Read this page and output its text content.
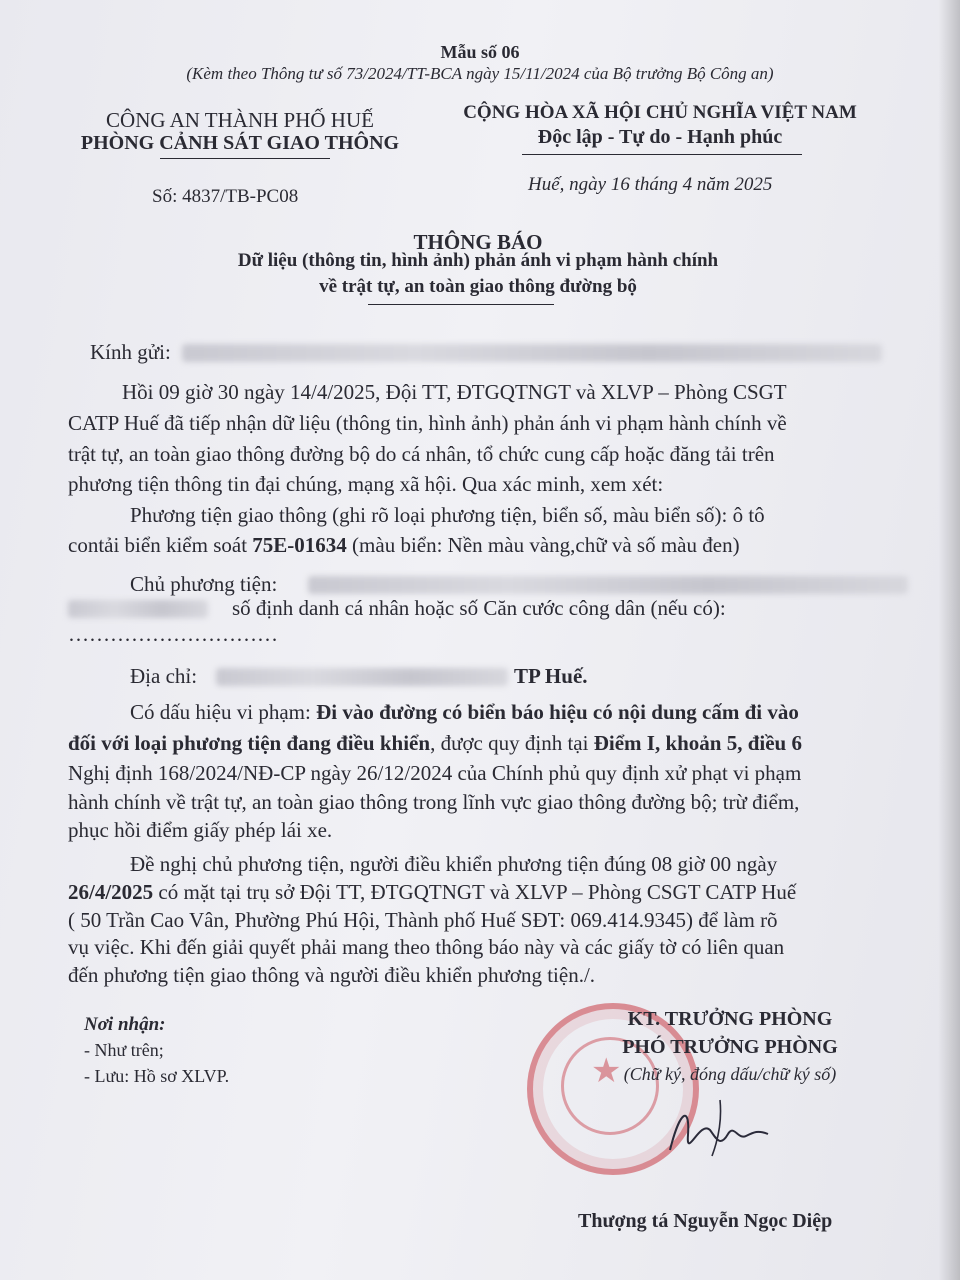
Mẫu số 06
(Kèm theo Thông tư số 73/2024/TT-BCA ngày 15/11/2024 của Bộ trưởng Bộ Công an)
CÔNG AN THÀNH PHỐ HUẾ
PHÒNG CẢNH SÁT GIAO THÔNG
CỘNG HÒA XÃ HỘI CHỦ NGHĨA VIỆT NAM
Độc lập - Tự do - Hạnh phúc
Số: 4837/TB-PC08
Huế, ngày 16 tháng 4 năm 2025
THÔNG BÁO
Dữ liệu (thông tin, hình ảnh) phản ánh vi phạm hành chính
về trật tự, an toàn giao thông đường bộ
Kính gửi:
Hồi 09 giờ 30 ngày 14/4/2025, Đội TT, ĐTGQTNGT và XLVP – Phòng CSGT
CATP Huế đã tiếp nhận dữ liệu (thông tin, hình ảnh) phản ánh vi phạm hành chính về
trật tự, an toàn giao thông đường bộ do cá nhân, tổ chức cung cấp hoặc đăng tải trên
phương tiện thông tin đại chúng, mạng xã hội. Qua xác minh, xem xét:
Phương tiện giao thông (ghi rõ loại phương tiện, biển số, màu biển số): ô tô
contải biển kiểm soát 75E-01634 (màu biển: Nền màu vàng,chữ và số màu đen)
Chủ phương tiện:
số định danh cá nhân hoặc số Căn cước công dân (nếu có):
…………………………
Địa chỉ:	TP Huế.
Có dấu hiệu vi phạm: Đi vào đường có biển báo hiệu có nội dung cấm đi vào
đối với loại phương tiện đang điều khiển, được quy định tại Điểm I, khoản 5, điều 6
Nghị định 168/2024/NĐ-CP ngày 26/12/2024 của Chính phủ quy định xử phạt vi phạm
hành chính về trật tự, an toàn giao thông trong lĩnh vực giao thông đường bộ; trừ điểm,
phục hồi điểm giấy phép lái xe.
Đề nghị chủ phương tiện, người điều khiển phương tiện đúng 08 giờ 00 ngày
26/4/2025 có mặt tại trụ sở Đội TT, ĐTGQTNGT và XLVP – Phòng CSGT CATP Huế
( 50 Trần Cao Vân, Phường Phú Hội, Thành phố Huế SĐT: 069.414.9345) để làm rõ
vụ việc. Khi đến giải quyết phải mang theo thông báo này và các giấy tờ có liên quan
đến phương tiện giao thông và người điều khiển phương tiện./.
Nơi nhận:
- Như trên;
- Lưu: Hồ sơ XLVP.	★
KT. TRƯỞNG PHÒNG
PHÓ TRƯỞNG PHÒNG
(Chữ ký, đóng dấu/chữ ký số)
Thượng tá Nguyễn Ngọc Diệp
